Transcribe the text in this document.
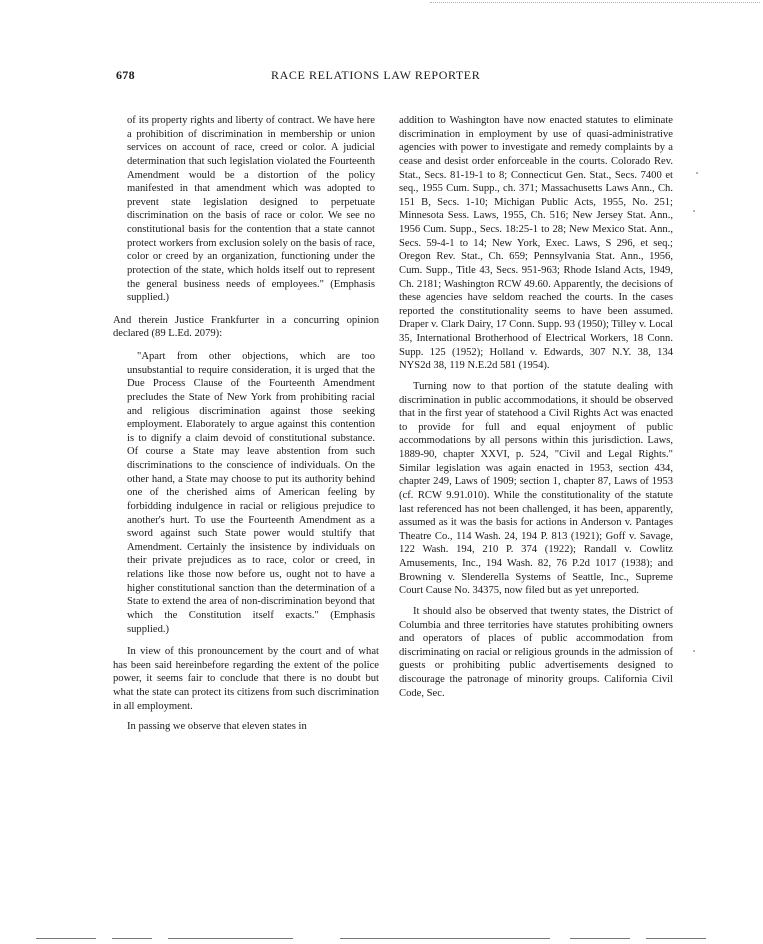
678	RACE RELATIONS LAW REPORTER

of its property rights and liberty of contract. We have here a prohibition of discrimination in membership or union services on account of race, creed or color. A judicial determination that such legislation violated the Fourteenth Amendment would be a distortion of the policy manifested in that amendment which was adopted to prevent state legislation designed to perpetuate discrimination on the basis of race or color. We see no constitutional basis for the contention that a state cannot protect workers from exclusion solely on the basis of race, color or creed by an organization, functioning under the protection of the state, which holds itself out to represent the general business needs of employees." (Emphasis supplied.)

And therein Justice Frankfurter in a concurring opinion declared (89 L.Ed. 2079):

"Apart from other objections, which are too unsubstantial to require consideration, it is urged that the Due Process Clause of the Fourteenth Amendment precludes the State of New York from prohibiting racial and religious discrimination against those seeking employment. Elaborately to argue against this contention is to dignify a claim devoid of constitutional substance. Of course a State may leave abstention from such discriminations to the conscience of individuals. On the other hand, a State may choose to put its authority behind one of the cherished aims of American feeling by forbidding indulgence in racial or religious prejudice to another's hurt. To use the Fourteenth Amendment as a sword against such State power would stultify that Amendment. Certainly the insistence by individuals on their private prejudices as to race, color or creed, in relations like those now before us, ought not to have a higher constitutional sanction than the determination of a State to extend the area of non-discrimination beyond that which the Constitution itself exacts." (Emphasis supplied.)

In view of this pronouncement by the court and of what has been said hereinbefore regarding the extent of the police power, it seems fair to conclude that there is no doubt but what the state can protect its citizens from such discrimination in all employment.

In passing we observe that eleven states in

addition to Washington have now enacted statutes to eliminate discrimination in employment by use of quasi-administrative agencies with power to investigate and remedy complaints by a cease and desist order enforceable in the courts. Colorado Rev. Stat., Secs. 81-19-1 to 8; Connecticut Gen. Stat., Secs. 7400 et seq., 1955 Cum. Supp., ch. 371; Massachusetts Laws Ann., Ch. 151 B, Secs. 1-10; Michigan Public Acts, 1955, No. 251; Minnesota Sess. Laws, 1955, Ch. 516; New Jersey Stat. Ann., 1956 Cum. Supp., Secs. 18:25-1 to 28; New Mexico Stat. Ann., Secs. 59-4-1 to 14; New York, Exec. Laws, S 296, et seq.; Oregon Rev. Stat., Ch. 659; Pennsylvania Stat. Ann., 1956, Cum. Supp., Title 43, Secs. 951-963; Rhode Island Acts, 1949, Ch. 2181; Washington RCW 49.60. Apparently, the decisions of these agencies have seldom reached the courts. In the cases reported the constitutionality seems to have been assumed. Draper v. Clark Dairy, 17 Conn. Supp. 93 (1950); Tilley v. Local 35, International Brotherhood of Electrical Workers, 18 Conn. Supp. 125 (1952); Holland v. Edwards, 307 N.Y. 38, 134 NYS2d 38, 119 N.E.2d 581 (1954).

Turning now to that portion of the statute dealing with discrimination in public accommodations, it should be observed that in the first year of statehood a Civil Rights Act was enacted to provide for full and equal enjoyment of public accommodations by all persons within this jurisdiction. Laws, 1889-90, chapter XXVI, p. 524, "Civil and Legal Rights." Similar legislation was again enacted in 1953, section 434, chapter 249, Laws of 1909; section 1, chapter 87, Laws of 1953 (cf. RCW 9.91.010). While the constitutionality of the statute last referenced has not been challenged, it has been, apparently, assumed as it was the basis for actions in Anderson v. Pantages Theatre Co., 114 Wash. 24, 194 P. 813 (1921); Goff v. Savage, 122 Wash. 194, 210 P. 374 (1922); Randall v. Cowlitz Amusements, Inc., 194 Wash. 82, 76 P.2d 1017 (1938); and Browning v. Slenderella Systems of Seattle, Inc., Supreme Court Cause No. 34375, now filed but as yet unreported.

It should also be observed that twenty states, the District of Columbia and three territories have statutes prohibiting owners and operators of places of public accommodation from discriminating on racial or religious grounds in the admission of guests or prohibiting public advertisements designed to discourage the patronage of minority groups. California Civil Code, Sec.
